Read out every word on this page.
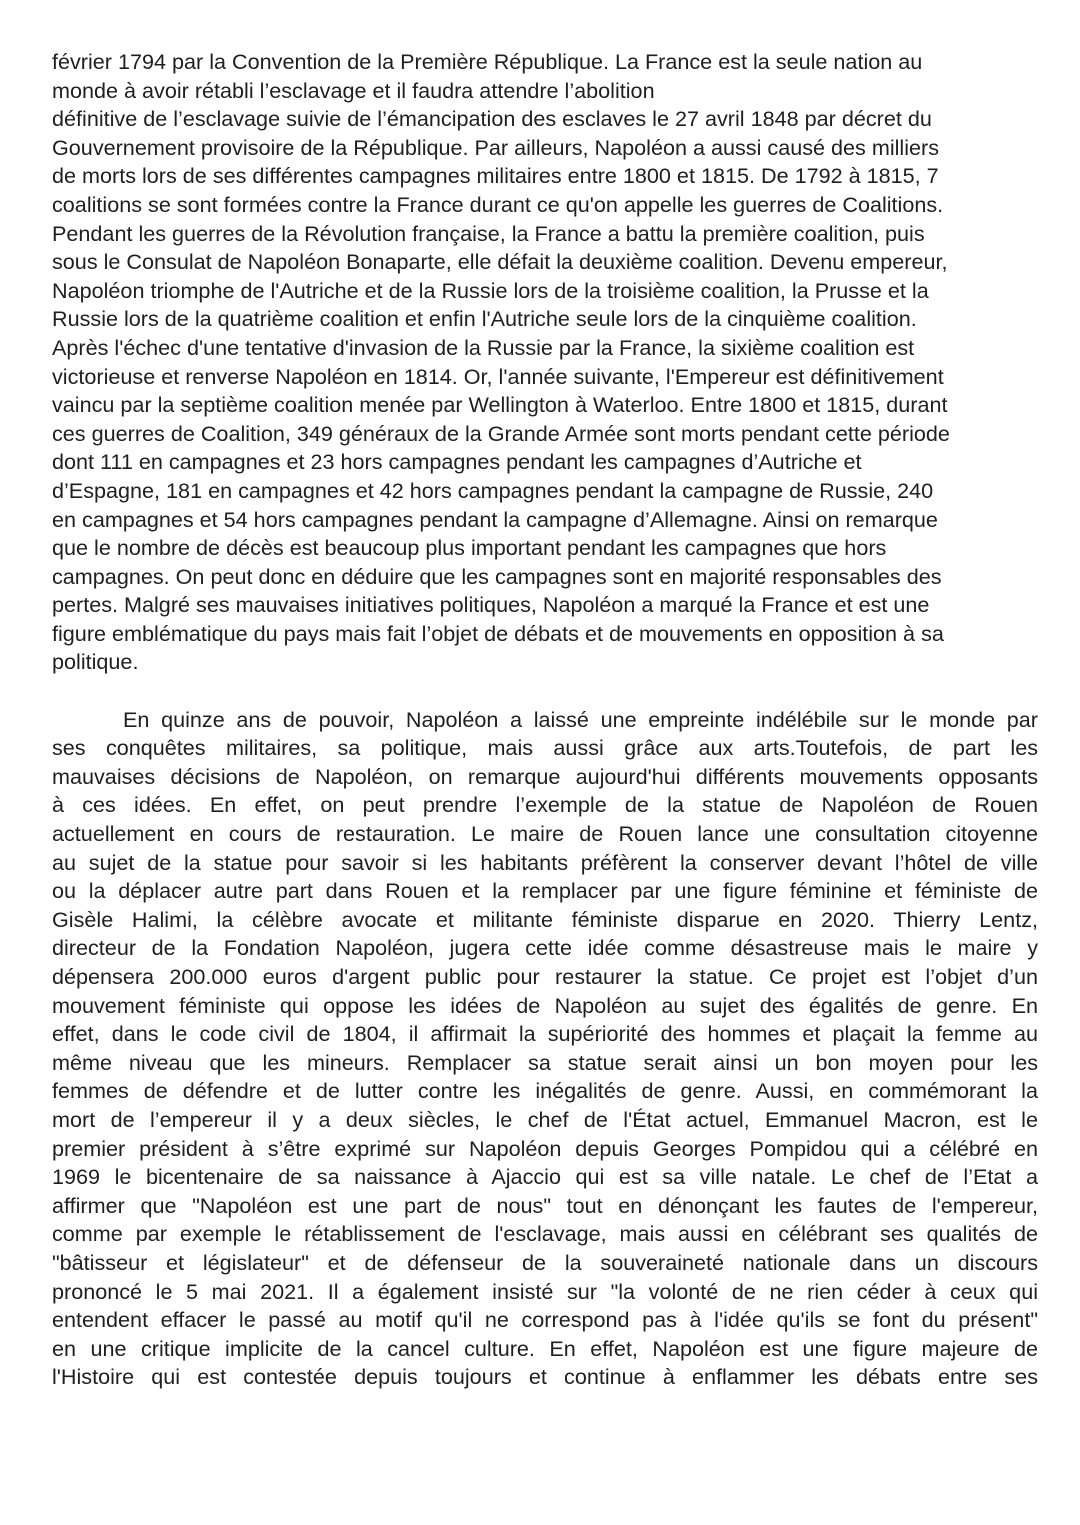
février 1794 par la Convention de la Première République. La France est la seule nation au
monde à avoir rétabli l’esclavage et il faudra attendre l’abolition
définitive de l’esclavage suivie de l’émancipation des esclaves le 27 avril 1848 par décret du
Gouvernement provisoire de la République. Par ailleurs, Napoléon a aussi causé des milliers
de morts lors de ses différentes campagnes militaires entre 1800 et 1815. De 1792 à 1815, 7
coalitions se sont formées contre la France durant ce qu'on appelle les guerres de Coalitions.
Pendant les guerres de la Révolution française, la France a battu la première coalition, puis
sous le Consulat de Napoléon Bonaparte, elle défait la deuxième coalition. Devenu empereur,
Napoléon triomphe de l'Autriche et de la Russie lors de la troisième coalition, la Prusse et la
Russie lors de la quatrième coalition et enfin l'Autriche seule lors de la cinquième coalition.
Après l'échec d'une tentative d'invasion de la Russie par la France, la sixième coalition est
victorieuse et renverse Napoléon en 1814. Or, l'année suivante, l'Empereur est définitivement
vaincu par la septième coalition menée par Wellington à Waterloo. Entre 1800 et 1815, durant
ces guerres de Coalition, 349 généraux de la Grande Armée sont morts pendant cette période
dont 111 en campagnes et 23 hors campagnes pendant les campagnes d’Autriche et
d’Espagne, 181 en campagnes et 42 hors campagnes pendant la campagne de Russie, 240
en campagnes et 54 hors campagnes pendant la campagne d’Allemagne. Ainsi on remarque
que le nombre de décès est beaucoup plus important pendant les campagnes que hors
campagnes. On peut donc en déduire que les campagnes sont en majorité responsables des
pertes. Malgré ses mauvaises initiatives politiques, Napoléon a marqué la France et est une
figure emblématique du pays mais fait l’objet de débats et de mouvements en opposition à sa
politique.
En quinze ans de pouvoir, Napoléon a laissé une empreinte indélébile sur le monde par
ses conquêtes militaires, sa politique, mais aussi grâce aux arts.Toutefois, de part les
mauvaises décisions de Napoléon, on remarque aujourd'hui différents mouvements opposants
à ces idées. En effet, on peut prendre l’exemple de la statue de Napoléon de Rouen
actuellement en cours de restauration. Le maire de Rouen lance une consultation citoyenne
au sujet de la statue pour savoir si les habitants préfèrent la conserver devant l’hôtel de ville
ou la déplacer autre part dans Rouen et la remplacer par une figure féminine et féministe de
Gisèle Halimi, la célèbre avocate et militante féministe disparue en 2020. Thierry Lentz,
directeur de la Fondation Napoléon, jugera cette idée comme désastreuse mais le maire y
dépensera 200.000 euros d'argent public pour restaurer la statue. Ce projet est l’objet d’un
mouvement féministe qui oppose les idées de Napoléon au sujet des égalités de genre. En
effet, dans le code civil de 1804, il affirmait la supériorité des hommes et plaçait la femme au
même niveau que les mineurs. Remplacer sa statue serait ainsi un bon moyen pour les
femmes de défendre et de lutter contre les inégalités de genre. Aussi, en commémorant la
mort de l’empereur il y a deux siècles, le chef de l'État actuel, Emmanuel Macron, est le
premier président à s’être exprimé sur Napoléon depuis Georges Pompidou qui a célébré en
1969 le bicentenaire de sa naissance à Ajaccio qui est sa ville natale. Le chef de l’Etat a
affirmer que "Napoléon est une part de nous" tout en dénonçant les fautes de l'empereur,
comme par exemple le rétablissement de l'esclavage, mais aussi en célébrant ses qualités de
"bâtisseur et législateur" et de défenseur de la souveraineté nationale dans un discours
prononcé le 5 mai 2021. Il a également insisté sur "la volonté de ne rien céder à ceux qui
entendent effacer le passé au motif qu'il ne correspond pas à l'idée qu'ils se font du présent"
en une critique implicite de la cancel culture. En effet, Napoléon est une figure majeure de
l'Histoire qui est contestée depuis toujours et continue à enflammer les débats entre ses
